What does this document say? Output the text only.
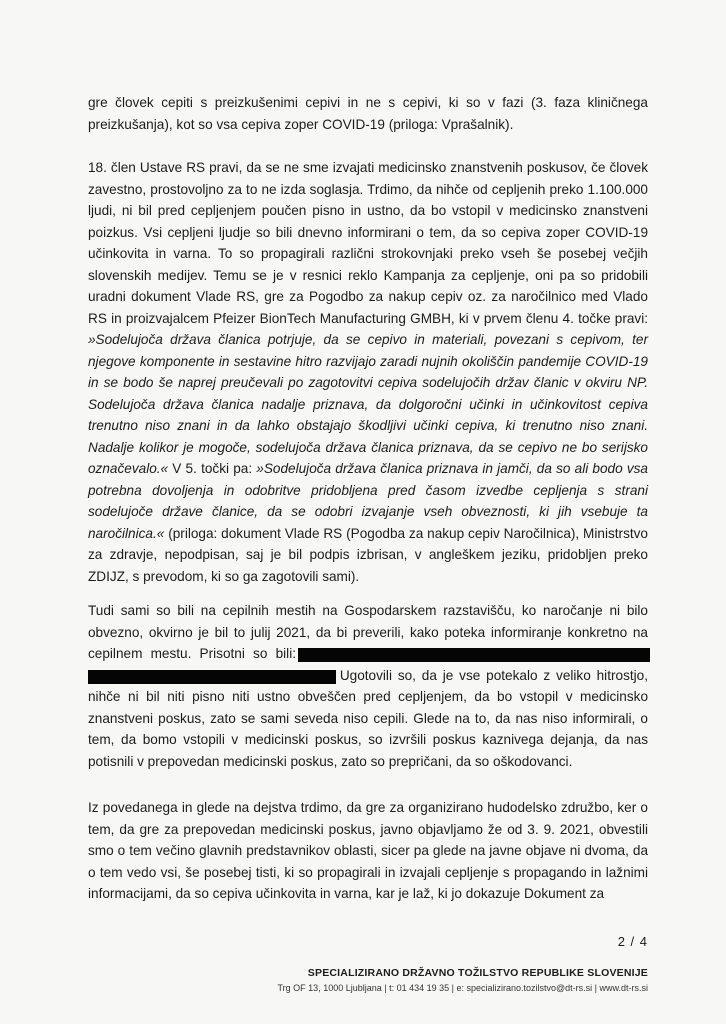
gre človek cepiti s preizkušenimi cepivi in ne s cepivi, ki so v fazi (3. faza kliničnega preizkušanja), kot so vsa cepiva zoper COVID-19 (priloga: Vprašalnik).

18. člen Ustave RS pravi, da se ne sme izvajati medicinsko znanstvenih poskusov, če človek zavestno, prostovoljno za to ne izda soglasja. Trdimo, da nihče od cepljenih preko 1.100.000 ljudi, ni bil pred cepljenjem poučen pisno in ustno, da bo vstopil v medicinsko znanstveni poizkus. Vsi cepljeni ljudje so bili dnevno informirani o tem, da so cepiva zoper COVID-19 učinkovita in varna. To so propagirali različni strokovnjaki preko vseh še posebej večjih slovenskih medijev. Temu se je v resnici reklo Kampanja za cepljenje, oni pa so pridobili uradni dokument Vlade RS, gre za Pogodbo za nakup cepiv oz. za naročilnico med Vlado RS in proizvajalcem Pfeizer BionTech Manufacturing GMBH, ki v prvem členu 4. točke pravi: »Sodelujoča država članica potrjuje, da se cepivo in materiali, povezani s cepivom, ter njegove komponente in sestavine hitro razvijajo zaradi nujnih okoliščin pandemije COVID-19 in se bodo še naprej preučevali po zagotovitvi cepiva sodelujočih držav članic v okviru NP. Sodelujoča država članica nadalje priznava, da dolgoročni učinki in učinkovitost cepiva trenutno niso znani in da lahko obstajajo škodljivi učinki cepiva, ki trenutno niso znani. Nadalje kolikor je mogoče, sodelujoča država članica priznava, da se cepivo ne bo serijsko označevalo.« V 5. točki pa: »Sodelujoča država članica priznava in jamči, da so ali bodo vsa potrebna dovoljenja in odobritve pridobljena pred časom izvedbe cepljenja s strani sodelujoče države članice, da se odobri izvajanje vseh obveznosti, ki jih vsebuje ta naročilnica.« (priloga: dokument Vlade RS (Pogodba za nakup cepiv Naročilnica), Ministrstvo za zdravje, nepodpisan, saj je bil podpis izbrisan, v angleškem jeziku, pridobljen preko ZDIJZ, s prevodom, ki so ga zagotovili sami).

Tudi sami so bili na cepilnih mestih na Gospodarskem razstavišču, ko naročanje ni bilo obvezno, okvirno je bil to julij 2021, da bi preverili, kako poteka informiranje konkretno na cepilnem mestu. Prisotni so bili:  Ugotovili so, da je vse potekalo z veliko hitrostjo, nihče ni bil niti pisno niti ustno obveščen pred cepljenjem, da bo vstopil v medicinsko znanstveni poskus, zato se sami seveda niso cepili. Glede na to, da nas niso informirali, o tem, da bomo vstopili v medicinski poskus, so izvršili poskus kaznivega dejanja, da nas potisnili v prepovedan medicinski poskus, zato so prepričani, da so oškodovanci.

Iz povedanega in glede na dejstva trdimo, da gre za organizirano hudodelsko združbo, ker o tem, da gre za prepovedan medicinski poskus, javno objavljamo že od 3. 9. 2021, obvestili smo o tem večino glavnih predstavnikov oblasti, sicer pa glede na javne objave ni dvoma, da o tem vedo vsi, še posebej tisti, ki so propagirali in izvajali cepljenje s propagando in lažnimi informacijami, da so cepiva učinkovita in varna, kar je laž, ki jo dokazuje Dokument za

2 / 4
SPECIALIZIRANO DRŽAVNO TOŽILSTVO REPUBLIKE SLOVENIJE
Trg OF 13, 1000 Ljubljana | t: 01 434 19 35 | e: specializirano.tozilstvo@dt-rs.si | www.dt-rs.si
